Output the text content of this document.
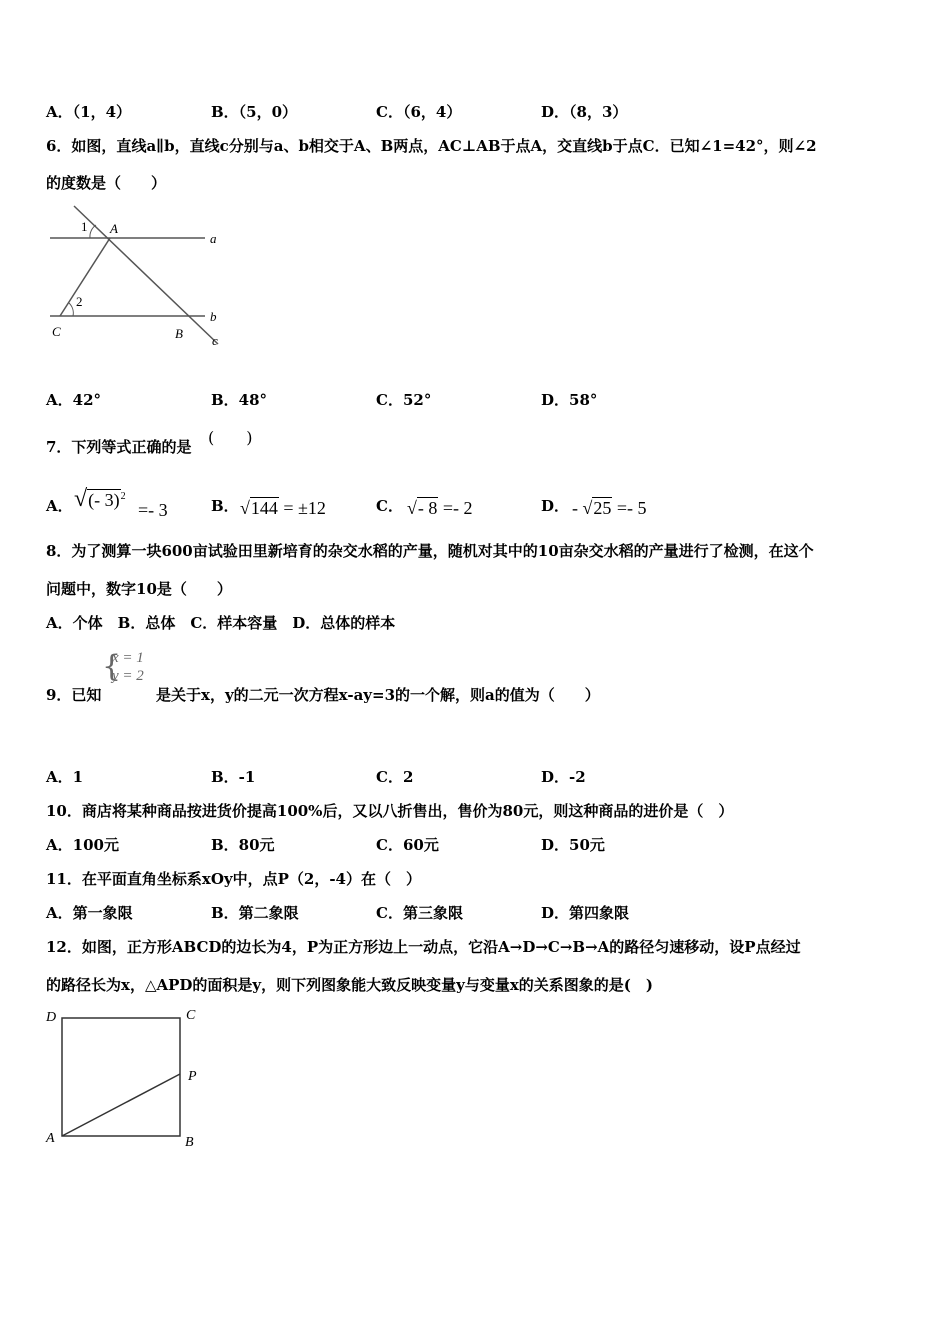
A．（1，4）	B．（5，0）	C．（6，4）	D．（8，3）
6．如图，直线a∥b，直线c分别与a、b相交于A、B两点，AC⊥AB于点A，交直线b于点C．已知∠1=42°，则∠2
的度数是（　　）
1 A
a
2
C	B
b
c
A．42°	B．48°	C．52°	D．58°
7．下列等式正确的是 (　　)
A． √(- 3)$^2$
=- 3	B． √144 = ±12	C． √- 8 =- 2	D． - √25 =- 5
8．为了测算一块600亩试验田里新培育的杂交水稻的产量，随机对其中的10亩杂交水稻的产量进行了检测，在这个
问题中，数字10是（　　）
A．个体　B．总体　C．样本容量　D．总体的样本
{
x = 1
y = 2
9．已知	是关于x，y的二元一次方程x-ay=3的一个解，则a的值为（　　）
A．1	B．-1	C．2	D．-2
10．商店将某种商品按进货价提高100%后，又以八折售出，售价为80元，则这种商品的进价是（　）
A．100元	B．80元	C．60元	D．50元
11．在平面直角坐标系xOy中，点P（2，-4）在（　）
A．第一象限	B．第二象限	C．第三象限	D．第四象限
12．如图，正方形ABCD的边长为4，P为正方形边上一动点，它沿A→D→C→B→A的路径匀速移动，设P点经过
的路径长为x，△APD的面积是y，则下列图象能大致反映变量y与变量x的关系图象的是(　)
D	C
P
A	B
